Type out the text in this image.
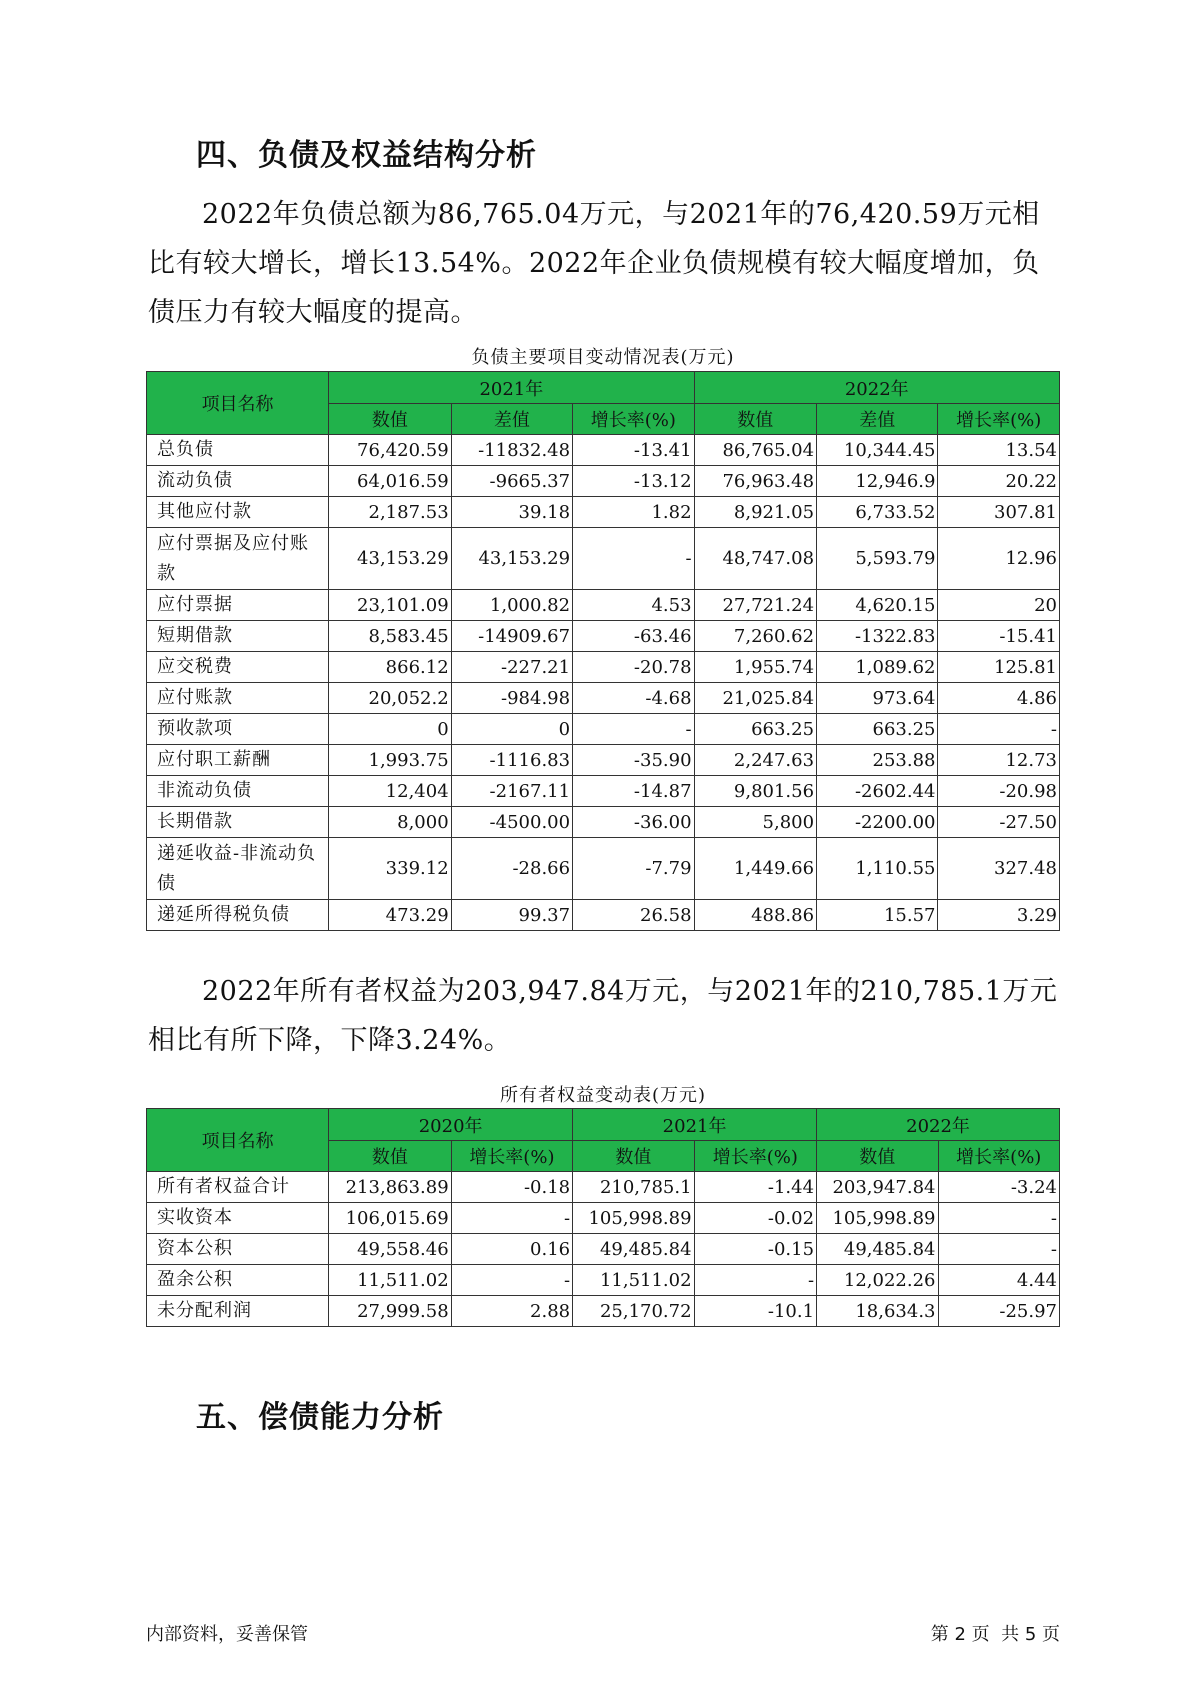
四、负债及权益结构分析

2022年负债总额为86,765.04万元，与2021年的76,420.59万元相比有较大增长，增长13.54%。2022年企业负债规模有较大幅度增加，负债压力有较大幅度的提高。

负债主要项目变动情况表(万元)
项目名称	2021年			2022年		
	数值	差值	增长率(%)	数值	差值	增长率(%)
总负债	76,420.59	-11832.48	-13.41	86,765.04	10,344.45	13.54
流动负债	64,016.59	-9665.37	-13.12	76,963.48	12,946.9	20.22
其他应付款	2,187.53	39.18	1.82	8,921.05	6,733.52	307.81
应付票据及应付账款	43,153.29	43,153.29	-	48,747.08	5,593.79	12.96
应付票据	23,101.09	1,000.82	4.53	27,721.24	4,620.15	20
短期借款	8,583.45	-14909.67	-63.46	7,260.62	-1322.83	-15.41
应交税费	866.12	-227.21	-20.78	1,955.74	1,089.62	125.81
应付账款	20,052.2	-984.98	-4.68	21,025.84	973.64	4.86
预收款项	0	0	-	663.25	663.25	-
应付职工薪酬	1,993.75	-1116.83	-35.90	2,247.63	253.88	12.73
非流动负债	12,404	-2167.11	-14.87	9,801.56	-2602.44	-20.98
长期借款	8,000	-4500.00	-36.00	5,800	-2200.00	-27.50
递延收益-非流动负债	339.12	-28.66	-7.79	1,449.66	1,110.55	327.48
递延所得税负债	473.29	99.37	26.58	488.86	15.57	3.29

2022年所有者权益为203,947.84万元，与2021年的210,785.1万元相比有所下降，下降3.24%。

所有者权益变动表(万元)
项目名称	2020年		2021年		2022年	
	数值	增长率(%)	数值	增长率(%)	数值	增长率(%)
所有者权益合计	213,863.89	-0.18	210,785.1	-1.44	203,947.84	-3.24
实收资本	106,015.69	-	105,998.89	-0.02	105,998.89	-
资本公积	49,558.46	0.16	49,485.84	-0.15	49,485.84	-
盈余公积	11,511.02	-	11,511.02	-	12,022.26	4.44
未分配利润	27,999.58	2.88	25,170.72	-10.1	18,634.3	-25.97
五、偿债能力分析
内部资料，妥善保管	第 2 页  共 5 页
